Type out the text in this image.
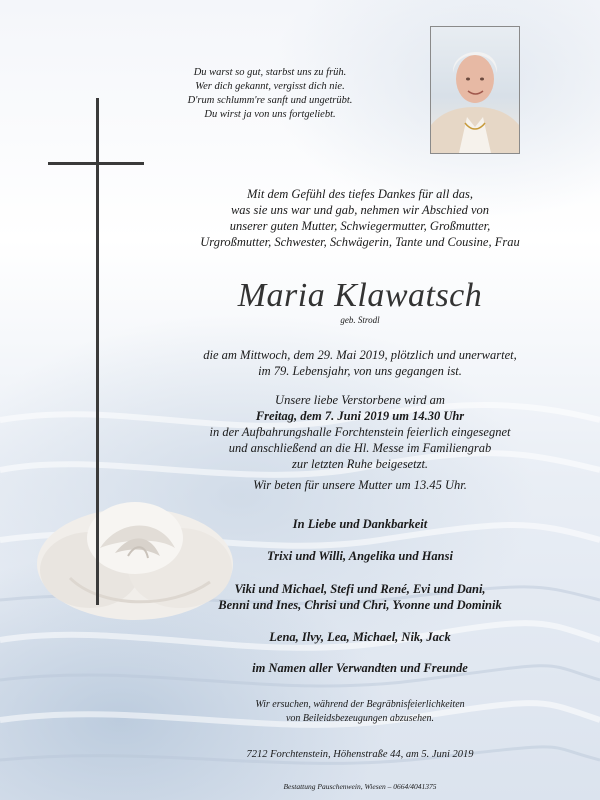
Du warst so gut, starbst uns zu früh.
Wer dich gekannt, vergisst dich nie.
D'rum schlumm're sanft und ungetrübt.
Du wirst ja von uns fortgeliebt.
Mit dem Gefühl des tiefes Dankes für all das,
was sie uns war und gab, nehmen wir Abschied von
unserer guten Mutter, Schwiegermutter, Großmutter,
Urgroßmutter, Schwester, Schwägerin, Tante und Cousine, Frau
Maria Klawatsch
geb. Strodl
die am Mittwoch, dem 29. Mai 2019, plötzlich und unerwartet,
im 79. Lebensjahr, von uns gegangen ist.
Unsere liebe Verstorbene wird am
Freitag, dem 7. Juni 2019 um 14.30 Uhr
in der Aufbahrungshalle Forchtenstein feierlich eingesegnet
und anschließend an die Hl. Messe im Familiengrab
zur letzten Ruhe beigesetzt.
Wir beten für unsere Mutter um 13.45 Uhr.
In Liebe und Dankbarkeit
Trixi und Willi, Angelika und Hansi
Viki und Michael, Stefi und René, Evi und Dani,
Benni und Ines, Chrisi und Chri, Yvonne und Dominik
Lena, Ilvy, Lea, Michael, Nik, Jack
im Namen aller Verwandten und Freunde
Wir ersuchen, während der Begräbnisfeierlichkeiten
von Beileidsbezeugungen abzusehen.
7212 Forchtenstein, Höhenstraße 44, am 5. Juni 2019
Bestattung Pauschenwein, Wiesen – 0664/4041375
